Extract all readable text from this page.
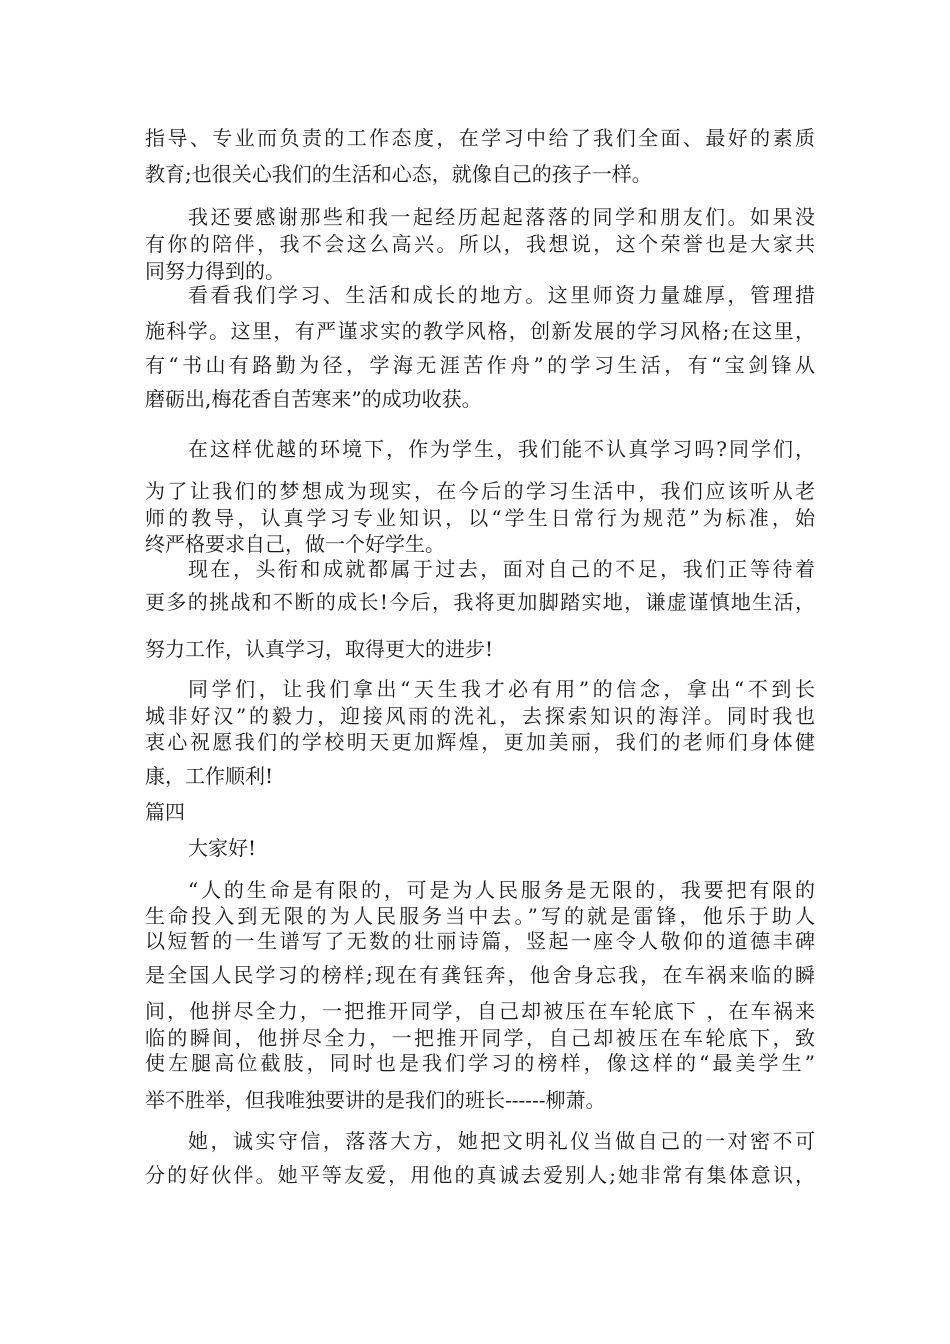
指导、专业而负责的工作态度，在学习中给了我们全面、最好的素质
教育;也很关心我们的生活和心态，就像自己的孩子一样。
我还要感谢那些和我一起经历起起落落的同学和朋友们。如果没
有你的陪伴，我不会这么高兴。所以，我想说，这个荣誉也是大家共
同努力得到的。
看看我们学习、生活和成长的地方。这里师资力量雄厚，管理措
施科学。这里，有严谨求实的教学风格，创新发展的学习风格;在这里，
有“书山有路勤为径，学海无涯苦作舟”的学习生活，有“宝剑锋从
磨砺出,梅花香自苦寒来”的成功收获。
在这样优越的环境下，作为学生，我们能不认真学习吗?同学们，
为了让我们的梦想成为现实，在今后的学习生活中，我们应该听从老
师的教导，认真学习专业知识，以“学生日常行为规范”为标准，始
终严格要求自己，做一个好学生。
现在，头衔和成就都属于过去，面对自己的不足，我们正等待着
更多的挑战和不断的成长!今后，我将更加脚踏实地，谦虚谨慎地生活，
努力工作，认真学习，取得更大的进步!
同学们，让我们拿出“天生我才必有用”的信念，拿出“不到长
城非好汉”的毅力，迎接风雨的洗礼，去探索知识的海洋。同时我也
衷心祝愿我们的学校明天更加辉煌，更加美丽，我们的老师们身体健
康，工作顺利!
篇四
大家好!
“人的生命是有限的，可是为人民服务是无限的，我要把有限的
生命投入到无限的为人民服务当中去。”写的就是雷锋，他乐于助人
以短暂的一生谱写了无数的壮丽诗篇，竖起一座令人敬仰的道德丰碑
是全国人民学习的榜样;现在有龚钰奔，他舍身忘我，在车祸来临的瞬
间，他拼尽全力，一把推开同学，自己却被压在车轮底下 ，在车祸来
临的瞬间，他拼尽全力，一把推开同学，自己却被压在车轮底下，致
使左腿高位截肢，同时也是我们学习的榜样，像这样的“最美学生”
举不胜举，但我唯独要讲的是我们的班长------柳萧。
她，诚实守信，落落大方，她把文明礼仪当做自己的一对密不可
分的好伙伴。她平等友爱，用他的真诚去爱别人;她非常有集体意识，
